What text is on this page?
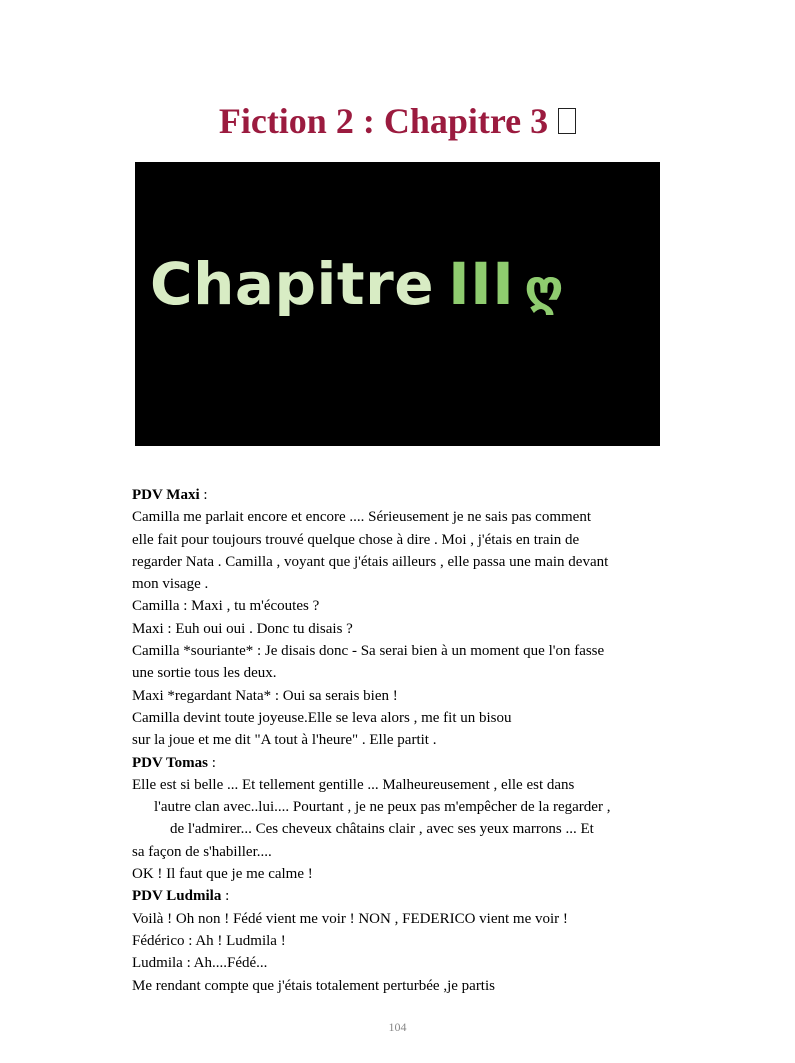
Fiction 2 : Chapitre 3
Chapitre III ღ
PDV Maxi :
Camilla me parlait encore et encore .... Sérieusement je ne sais pas comment
elle fait pour toujours trouvé quelque chose à dire . Moi , j'étais en train de
regarder Nata . Camilla , voyant que j'étais ailleurs , elle passa une main devant
mon visage .
Camilla : Maxi , tu m'écoutes ?
Maxi : Euh oui oui . Donc tu disais ?
Camilla *souriante* : Je disais donc - Sa serai bien à un moment que l'on fasse
une sortie tous les deux.
Maxi *regardant Nata* : Oui sa serais bien !
Camilla devint toute joyeuse.Elle se leva alors , me fit un bisou
sur la joue et me dit "A tout à l'heure" . Elle partit .
PDV Tomas :
Elle est si belle ... Et tellement gentille ... Malheureusement , elle est dans
l'autre clan avec..lui.... Pourtant , je ne peux pas m'empêcher de la regarder ,
de l'admirer... Ces cheveux châtains clair , avec ses yeux marrons ... Et
sa façon de s'habiller....
OK ! Il faut que je me calme !
PDV Ludmila :
Voilà ! Oh non ! Fédé vient me voir ! NON , FEDERICO vient me voir !
Fédérico : Ah ! Ludmila !
Ludmila : Ah....Fédé...
Me rendant compte que j'étais totalement perturbée ,je partis
104
